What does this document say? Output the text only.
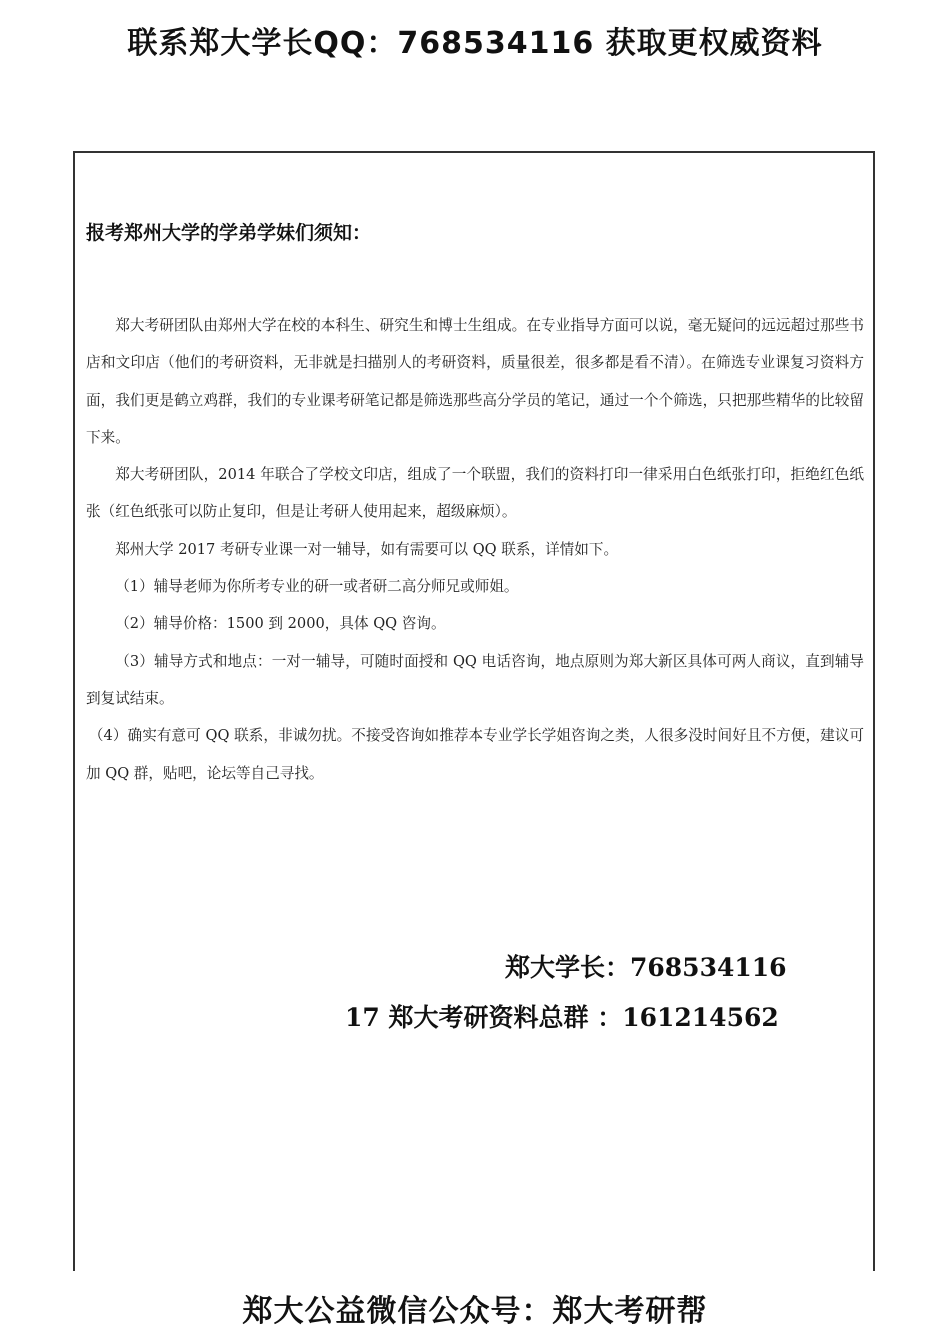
联系郑大学长QQ：768534116 获取更权威资料
报考郑州大学的学弟学妹们须知：

郑大考研团队由郑州大学在校的本科生、研究生和博士生组成。在专业指导方面可以说，毫无疑问的远远超过那些书店和文印店（他们的考研资料，无非就是扫描别人的考研资料，质量很差，很多都是看不清）。在筛选专业课复习资料方面，我们更是鹤立鸡群，我们的专业课考研笔记都是筛选那些高分学员的笔记，通过一个个筛选，只把那些精华的比较留下来。

郑大考研团队，2014 年联合了学校文印店，组成了一个联盟，我们的资料打印一律采用白色纸张打印，拒绝红色纸张（红色纸张可以防止复印，但是让考研人使用起来，超级麻烦）。

郑州大学 2017 考研专业课一对一辅导，如有需要可以 QQ 联系，详情如下。

（1）辅导老师为你所考专业的研一或者研二高分师兄或师姐。

（2）辅导价格：1500 到 2000，具体 QQ 咨询。

（3）辅导方式和地点：一对一辅导，可随时面授和 QQ 电话咨询，地点原则为郑大新区具体可两人商议，直到辅导到复试结束。

（4）确实有意可 QQ 联系，非诚勿扰。不接受咨询如推荐本专业学长学姐咨询之类，人很多没时间好且不方便，建议可加 QQ 群，贴吧，论坛等自己寻找。

郑大学长：768534116
17 郑大考研资料总群 ：161214562
郑大公益微信公众号：郑大考研帮
